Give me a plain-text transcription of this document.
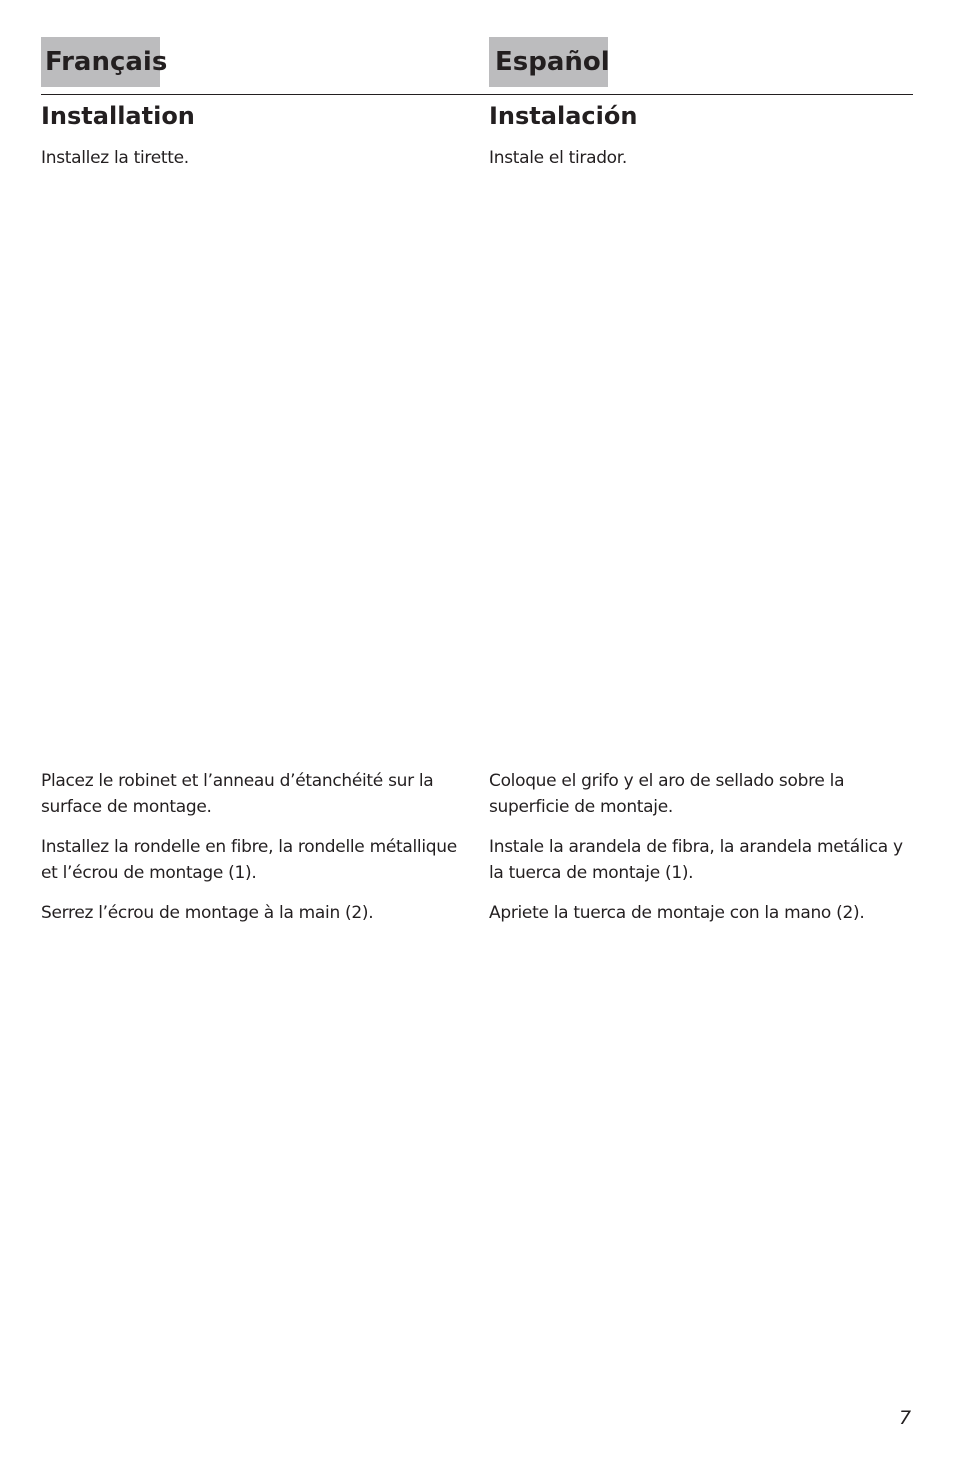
Français
Installation

Installez la tirette.

Placez le robinet et l’anneau d’étanchéité sur la surface de montage.

Installez la rondelle en fibre, la rondelle métallique et l’écrou de montage (1).

Serrez l’écrou de montage à la main (2).

Español
Instalación

Instale el tirador.

Coloque el grifo y el aro de sellado sobre la superficie de montaje.

Instale la arandela de fibra, la arandela metálica y la tuerca de montaje (1).

Apriete la tuerca de montaje con la mano (2).

7
